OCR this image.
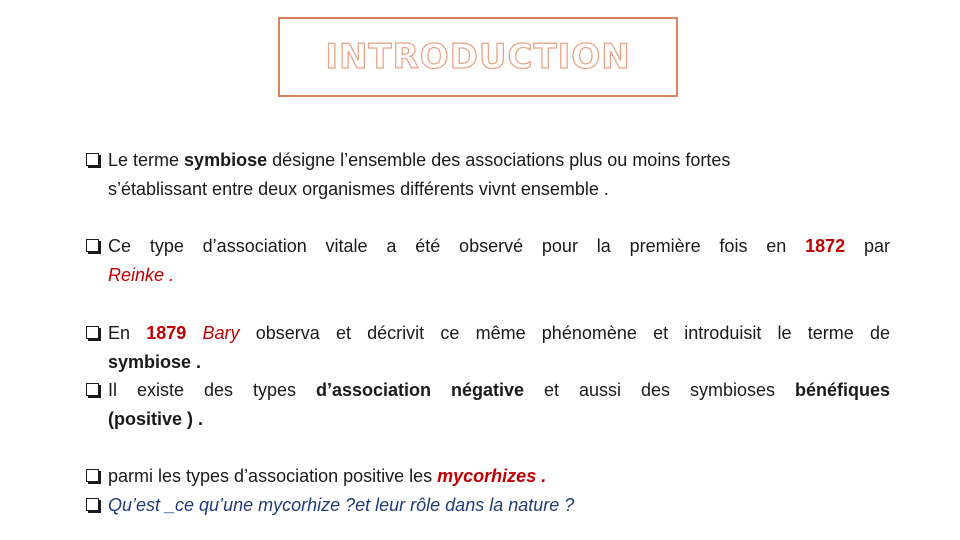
INTRODUCTION
Le terme symbiose désigne l’ensemble des associations plus ou moins fortes
s’établissant entre deux organismes différents vivnt ensemble .
Ce type d’association vitale a été observé pour la première fois en 1872 par
Reinke .
En 1879 Bary observa et décrivit ce même phénomène et introduisit le terme de
symbiose .
Il existe des types d’association négative et aussi des symbioses bénéfiques
(positive ) .
parmi les types d’association positive les mycorhizes .
Qu’est _ce qu’une mycorhize ?et leur rôle dans la nature ?
